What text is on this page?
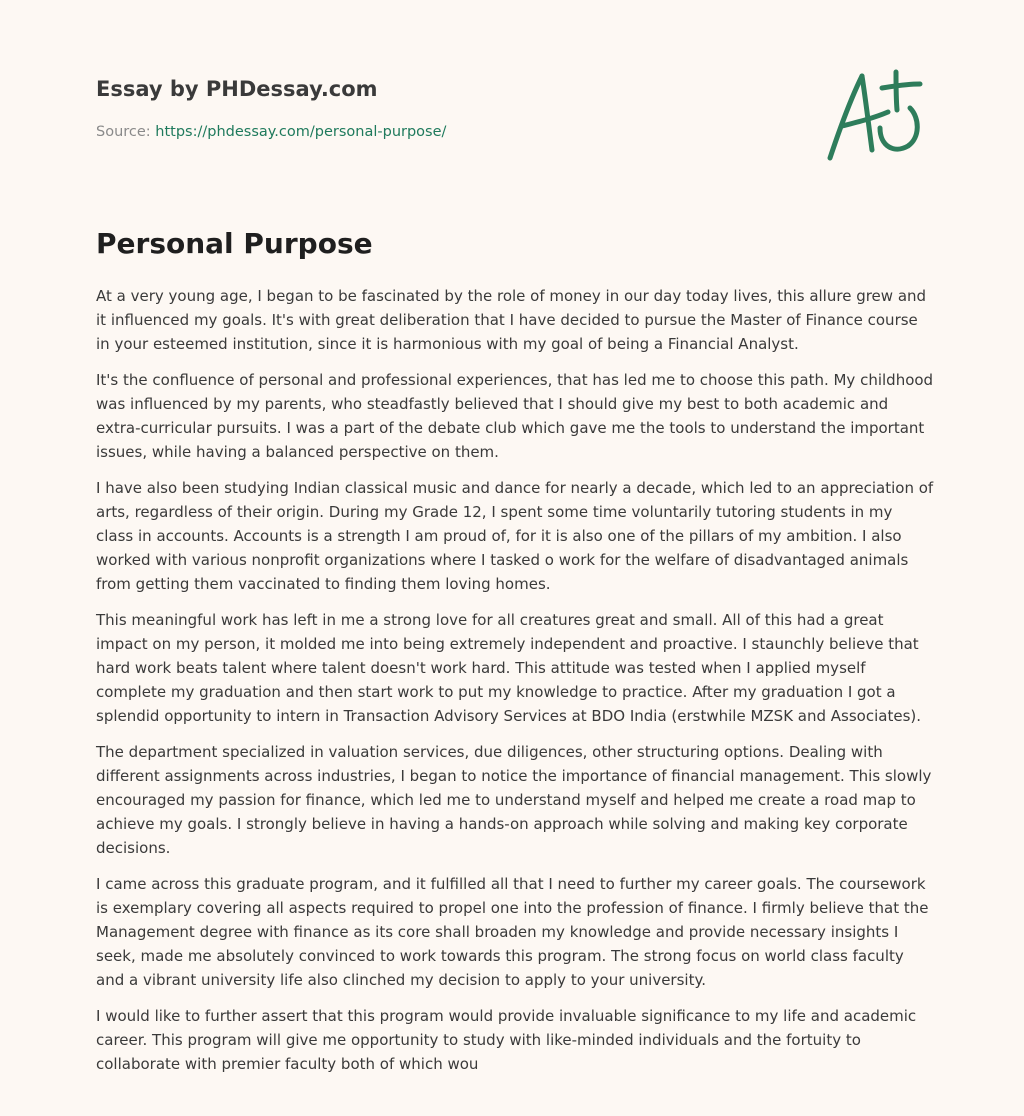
Essay by PHDessay.com
Source: https://phdessay.com/personal-purpose/
Personal Purpose

At a very young age, I began to be fascinated by the role of money in our day today lives, this allure grew and it influenced my goals. It's with great deliberation that I have decided to pursue the Master of Finance course in your esteemed institution, since it is harmonious with my goal of being a Financial Analyst.

It's the confluence of personal and professional experiences, that has led me to choose this path. My childhood was influenced by my parents, who steadfastly believed that I should give my best to both academic and extra-curricular pursuits. I was a part of the debate club which gave me the tools to understand the important issues, while having a balanced perspective on them.

I have also been studying Indian classical music and dance for nearly a decade, which led to an appreciation of arts, regardless of their origin. During my Grade 12, I spent some time voluntarily tutoring students in my class in accounts. Accounts is a strength I am proud of, for it is also one of the pillars of my ambition. I also worked with various nonprofit organizations where I tasked o work for the welfare of disadvantaged animals from getting them vaccinated to finding them loving homes.

This meaningful work has left in me a strong love for all creatures great and small. All of this had a great impact on my person, it molded me into being extremely independent and proactive. I staunchly believe that hard work beats talent where talent doesn't work hard. This attitude was tested when I applied myself complete my graduation and then start work to put my knowledge to practice. After my graduation I got a splendid opportunity to intern in Transaction Advisory Services at BDO India (erstwhile MZSK and Associates).

The department specialized in valuation services, due diligences, other structuring options. Dealing with different assignments across industries, I began to notice the importance of financial management. This slowly encouraged my passion for finance, which led me to understand myself and helped me create a road map to achieve my goals. I strongly believe in having a hands-on approach while solving and making key corporate decisions.

I came across this graduate program, and it fulfilled all that I need to further my career goals. The coursework is exemplary covering all aspects required to propel one into the profession of finance. I firmly believe that the Management degree with finance as its core shall broaden my knowledge and provide necessary insights I seek, made me absolutely convinced to work towards this program. The strong focus on world class faculty and a vibrant university life also clinched my decision to apply to your university.

I would like to further assert that this program would provide invaluable significance to my life and academic career. This program will give me opportunity to study with like-minded individuals and the fortuity to collaborate with premier faculty both of which wou
